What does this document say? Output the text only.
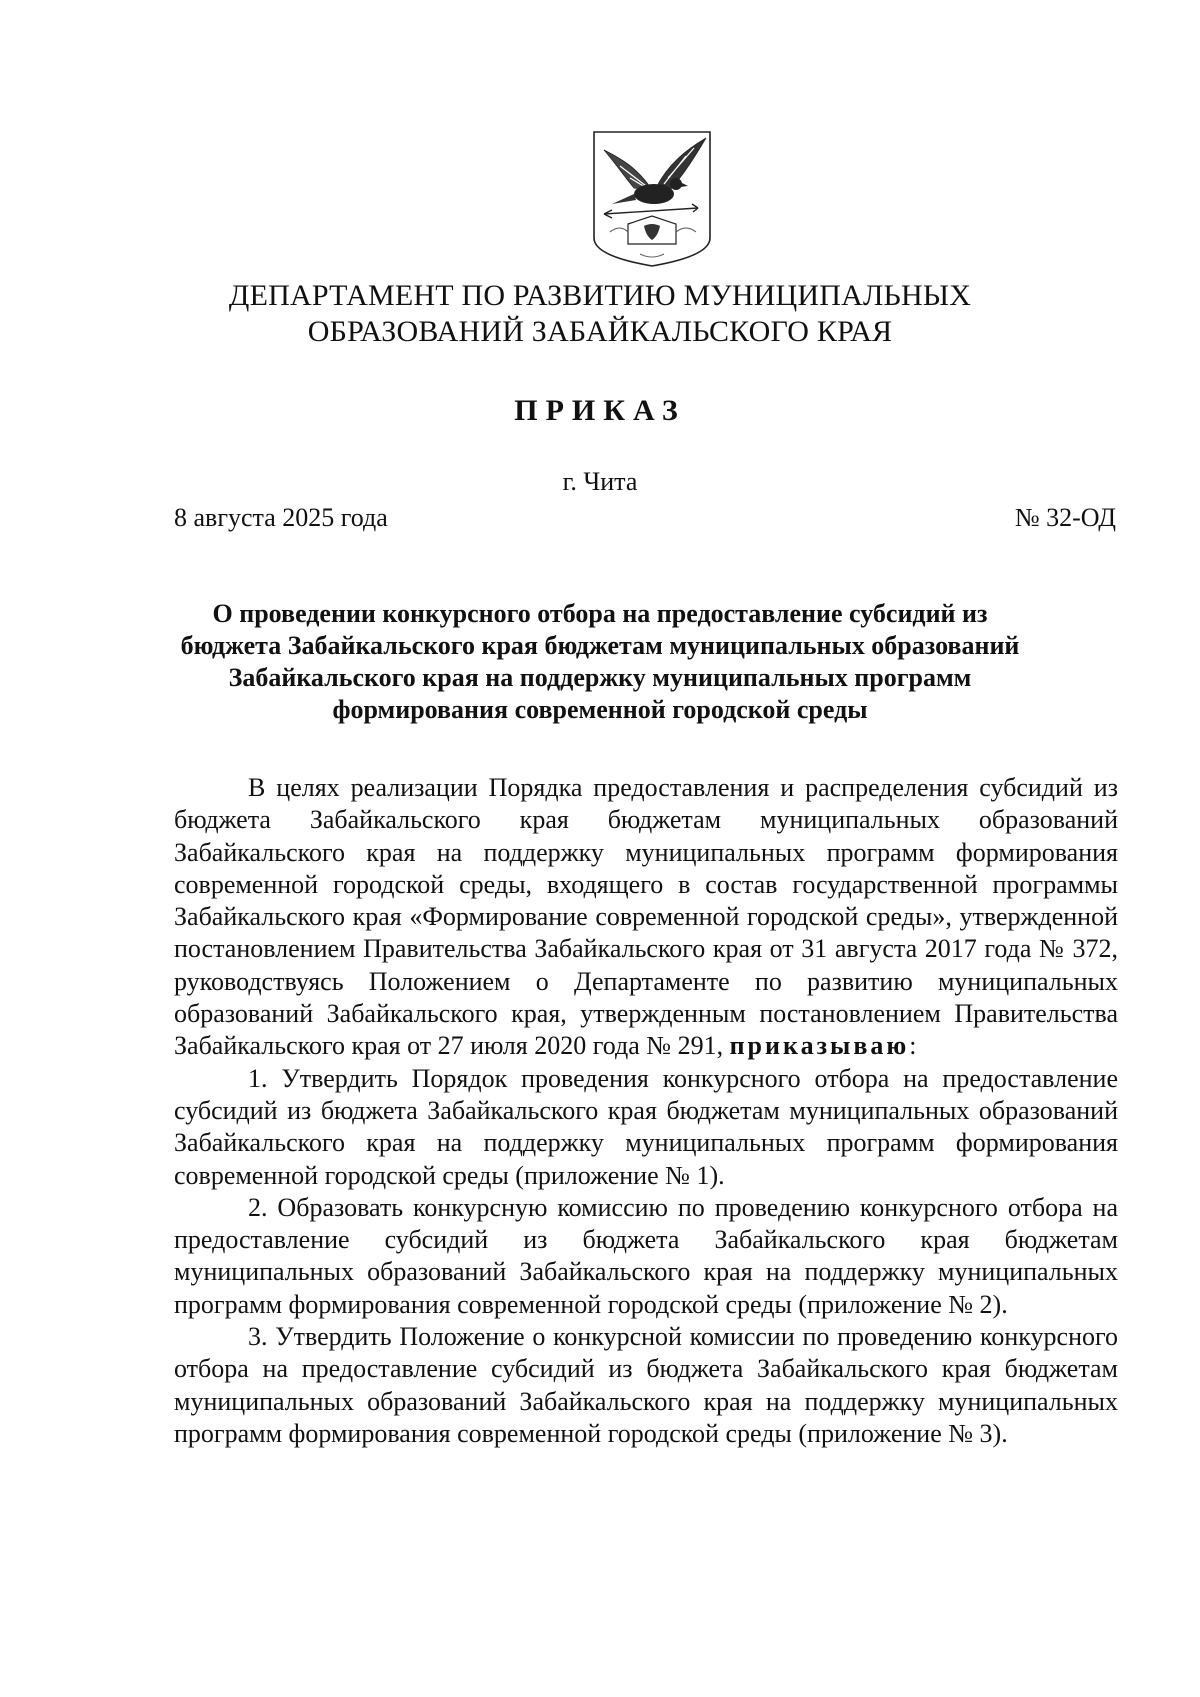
ДЕПАРТАМЕНТ ПО РАЗВИТИЮ МУНИЦИПАЛЬНЫХ
ОБРАЗОВАНИЙ ЗАБАЙКАЛЬСКОГО КРАЯ
ПРИКАЗ
г. Чита
8 августа 2025 года	№ 32-ОД
О проведении конкурсного отбора на предоставление субсидий из
бюджета Забайкальского края бюджетам муниципальных образований
Забайкальского края на поддержку муниципальных программ
формирования современной городской среды

В целях реализации Порядка предоставления и распределения субсидий из бюджета Забайкальского края бюджетам муниципальных образований Забайкальского края на поддержку муниципальных программ формирования современной городской среды, входящего в состав государственной программы Забайкальского края «Формирование современной городской среды», утвержденной постановлением Правительства Забайкальского края от 31 августа 2017 года № 372, руководствуясь Положением о Департаменте по развитию муниципальных образований Забайкальского края, утвержденным постановлением Правительства Забайкальского края от 27 июля 2020 года № 291, приказываю:

1. Утвердить Порядок проведения конкурсного отбора на предоставление субсидий из бюджета Забайкальского края бюджетам муниципальных образований Забайкальского края на поддержку муниципальных программ формирования современной городской среды (приложение № 1).

2. Образовать конкурсную комиссию по проведению конкурсного отбора на предоставление субсидий из бюджета Забайкальского края бюджетам муниципальных образований Забайкальского края на поддержку муниципальных программ формирования современной городской среды (приложение № 2).

3. Утвердить Положение о конкурсной комиссии по проведению конкурсного отбора на предоставление субсидий из бюджета Забайкальского края бюджетам муниципальных образований Забайкальского края на поддержку муниципальных программ формирования современной городской среды (приложение № 3).
